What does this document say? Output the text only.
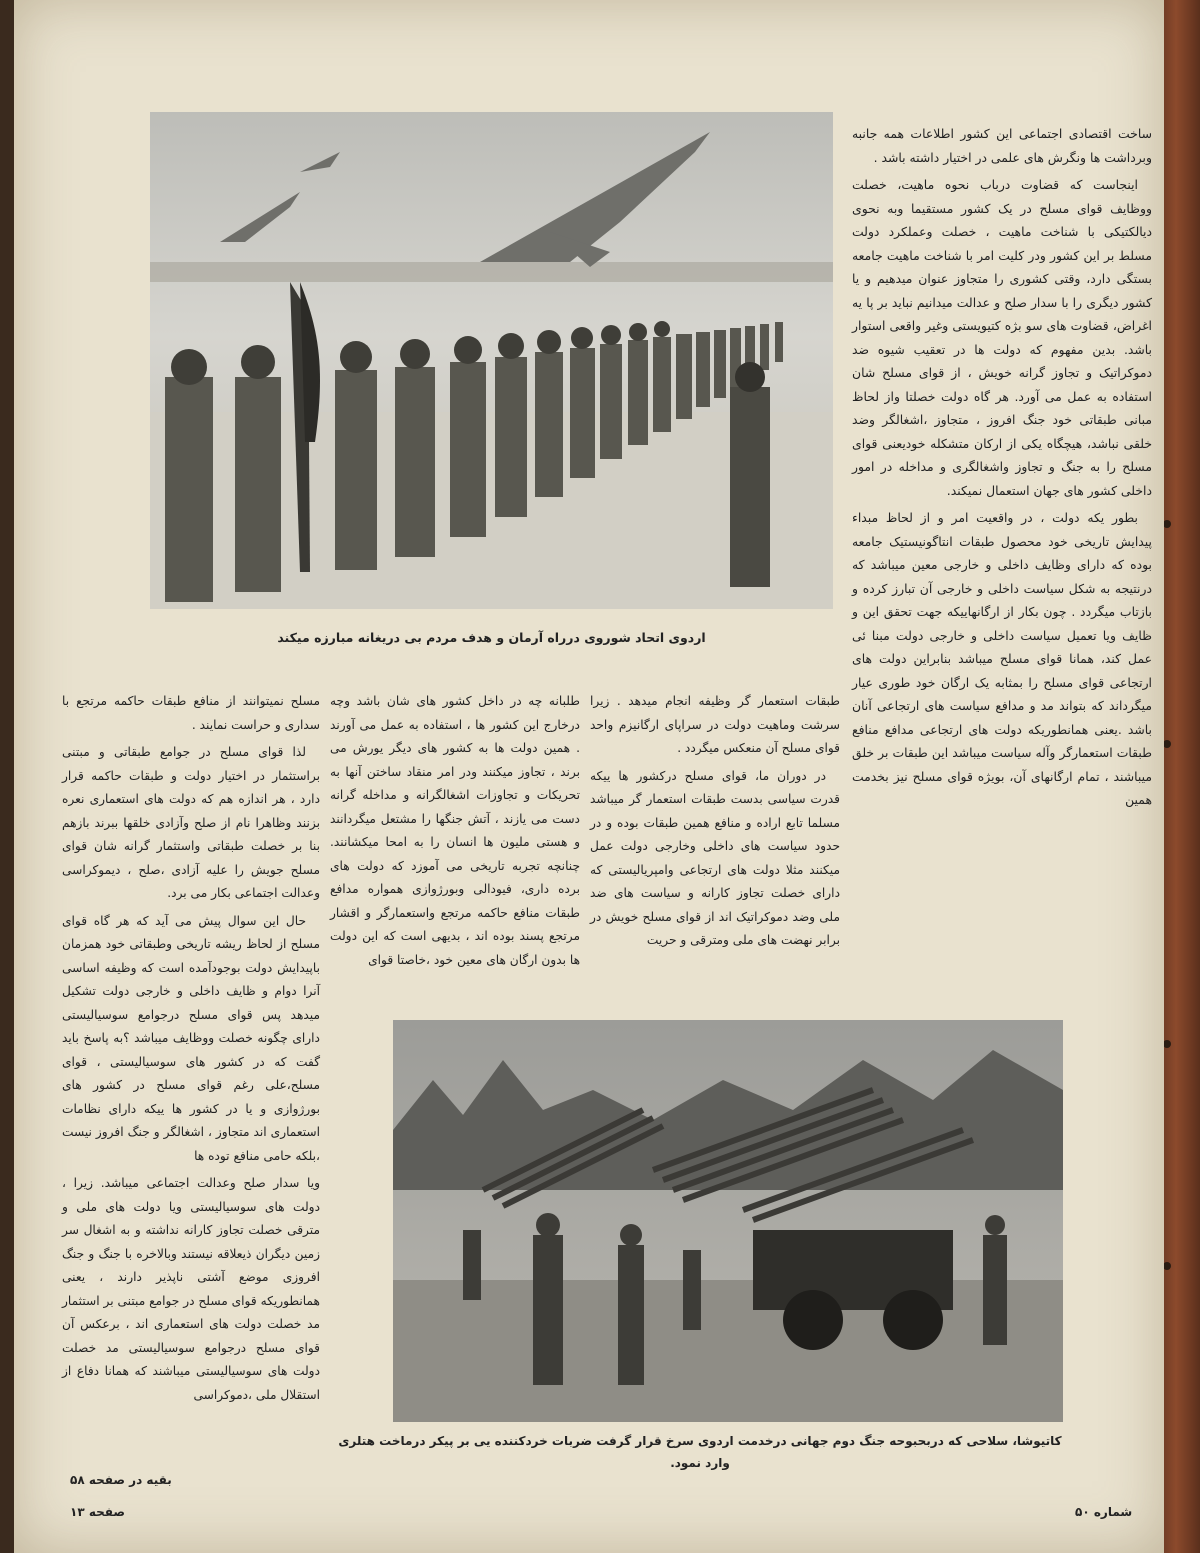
اردوی اتحاد شوروی درراه آرمان و هدف مردم بی دریغانه مبارزه میکند

ساخت اقتصادی اجتماعی این کشور اطلاعات همه جانبه وبرداشت ها ونگرش های علمی در اختیار داشته باشد .

اینجاست که قضاوت درباب نحوه ماهیت، خصلت ووظایف قوای مسلح در یک کشور مستقیما وبه نحوی دیالکتیکی با شناخت ماهیت ، خصلت وعملکرد دولت مسلط بر این کشور ودر کلیت امر با شناخت ماهیت جامعه بستگی دارد، وقتی کشوری را متجاوز عنوان میدهیم و یا کشور دیگری را با سدار صلح و عدالت میدانیم نباید بر پا یه اغراض، قضاوت های سو بژه کتیویستی وغیر واقعی استوار باشد. بدین مفهوم که دولت ها در تعقیب شیوه ضد دموکراتیک و تجاوز گرانه خویش ، از قوای مسلح شان استفاده به عمل می آورد. هر گاه دولت خصلتا واز لحاظ مبانی طبقاتی خود جنگ افروز ، متجاوز ،اشغالگر وضد خلقی نباشد، هیچگاه یکی از ارکان متشکله خودیعنی قوای مسلح را به جنگ و تجاوز واشغالگری و مداخله در امور داخلی کشور های جهان استعمال نمیکند.

بطور یکه دولت ، در واقعیت امر و از لحاظ مبداء پیدایش تاریخی خود محصول طبقات انتاگونیستیک جامعه بوده که دارای وظایف داخلی و خارجی معین میباشد که درنتیجه به شکل سیاست داخلی و خارجی آن تبارز کرده و بازتاب میگردد . چون بکار از ارگانهاییکه جهت تحقق این و ظایف ویا تعمیل سیاست داخلی و خارجی دولت مبنا ئی عمل کند، همانا قوای مسلح میباشد بنابراین دولت های ارتجاعی قوای مسلح را بمثابه یک ارگان خود طوری عیار میگرداند که بتواند مد و مدافع سیاست های ارتجاعی آنان باشد .یعنی همانطوریکه دولت های ارتجاعی مدافع منافع طبقات استعمارگر وآله سیاست میباشد این طبقات بر خلق میباشند ، تمام ارگانهای آن، بویژه قوای مسلح نیز بخدمت همین

طبقات استعمار گر وظیفه انجام میدهد . زیرا سرشت وماهیت دولت در سراپای ارگانیزم واحد قوای مسلح آن منعکس میگردد .

در دوران ما، قوای مسلح درکشور ها ییکه قدرت سیاسی بدست طبقات استعمار گر میباشد مسلما تابع اراده و منافع همین طبقات بوده و در حدود سیاست های داخلی وخارجی دولت عمل میکنند مثلا دولت های ارتجاعی وامپریالیستی که دارای خصلت تجاوز کارانه و سیاست های ضد ملی وضد دموکراتیک اند از قوای مسلح خویش در برابر نهضت های ملی ومترقی و حریت

طلبانه چه در داخل کشور های شان باشد وچه درخارج این کشور ها ، استفاده به عمل می آورند . همین دولت ها به کشور های دیگر یورش می برند ، تجاوز میکنند ودر امر منقاد ساختن آنها به تحریکات و تجاوزات اشغالگرانه و مداخله گرانه دست می یازند ، آتش جنگها را مشتعل میگردانند و هستی ملیون ها انسان را به امحا میکشانند. چنانچه تجربه تاریخی می آموزد که دولت های برده داری، فیودالی وبورژوازی همواره مدافع طبقات منافع حاکمه مرتجع واستعمارگر و اقشار مرتجع پسند بوده اند ، بدیهی است که این دولت ها بدون ارگان های معین خود ،خاصتا قوای

مسلح نمیتوانند از منافع طبقات حاکمه مرتجع با سداری و حراست نمایند .

لذا قوای مسلح در جوامع طبقاتی و مبتنی براستثمار در اختیار دولت و طبقات حاکمه قرار دارد ، هر اندازه هم که دولت های استعماری نعره بزنند وظاهرا نام از صلح وآزادی خلقها ببرند بازهم بنا بر خصلت طبقاتی واستثمار گرانه شان قوای مسلح جویش را علیه آزادی ،صلح ، دیموکراسی وعدالت اجتماعی بکار می برد.

حال این سوال پیش می آید که هر گاه قوای مسلح از لحاظ ریشه تاریخی وطبقاتی خود همزمان باپیدایش دولت بوجودآمده است که وظیفه اساسی آنرا دوام و ظایف داخلی و خارجی دولت تشکیل میدهد پس قوای مسلح درجوامع سوسیالیستی دارای چگونه خصلت ووظایف میباشد ؟به پاسخ باید گفت که در کشور های سوسیالیستی ، قوای مسلح،علی رغم قوای مسلح در کشور های بورژوازی و یا در کشور ها ییکه دارای نظامات استعماری اند متجاوز ، اشغالگر و جنگ افروز نیست ،بلکه حامی منافع توده ها

ویا سدار صلح وعدالت اجتماعی میباشد. زیرا ، دولت های سوسیالیستی ویا دولت های ملی و مترقی خصلت تجاوز کارانه نداشته و به اشغال سر زمین دیگران ذیعلاقه نیستند وبالاخره با جنگ و جنگ افروزی موضع آشتی ناپذیر دارند ، یعنی همانطوریکه قوای مسلح در جوامع مبتنی بر استثمار مد خصلت دولت های استعماری اند ، برعکس آن قوای مسلح درجوامع سوسیالیستی مد خصلت دولت های سوسیالیستی میباشند که همانا دفاع از استقلال ملی ،دموکراسی

کاتیوشا، سلاحی که دربحبوحه جنگ دوم جهانی درخدمت اردوی سرخ قرار گرفت ضربات خردکننده یی بر پیکر درماخت هتلری
وارد نمود.
بقیه در صفحه ۵۸
صفحه ۱۳	شماره ۵۰
